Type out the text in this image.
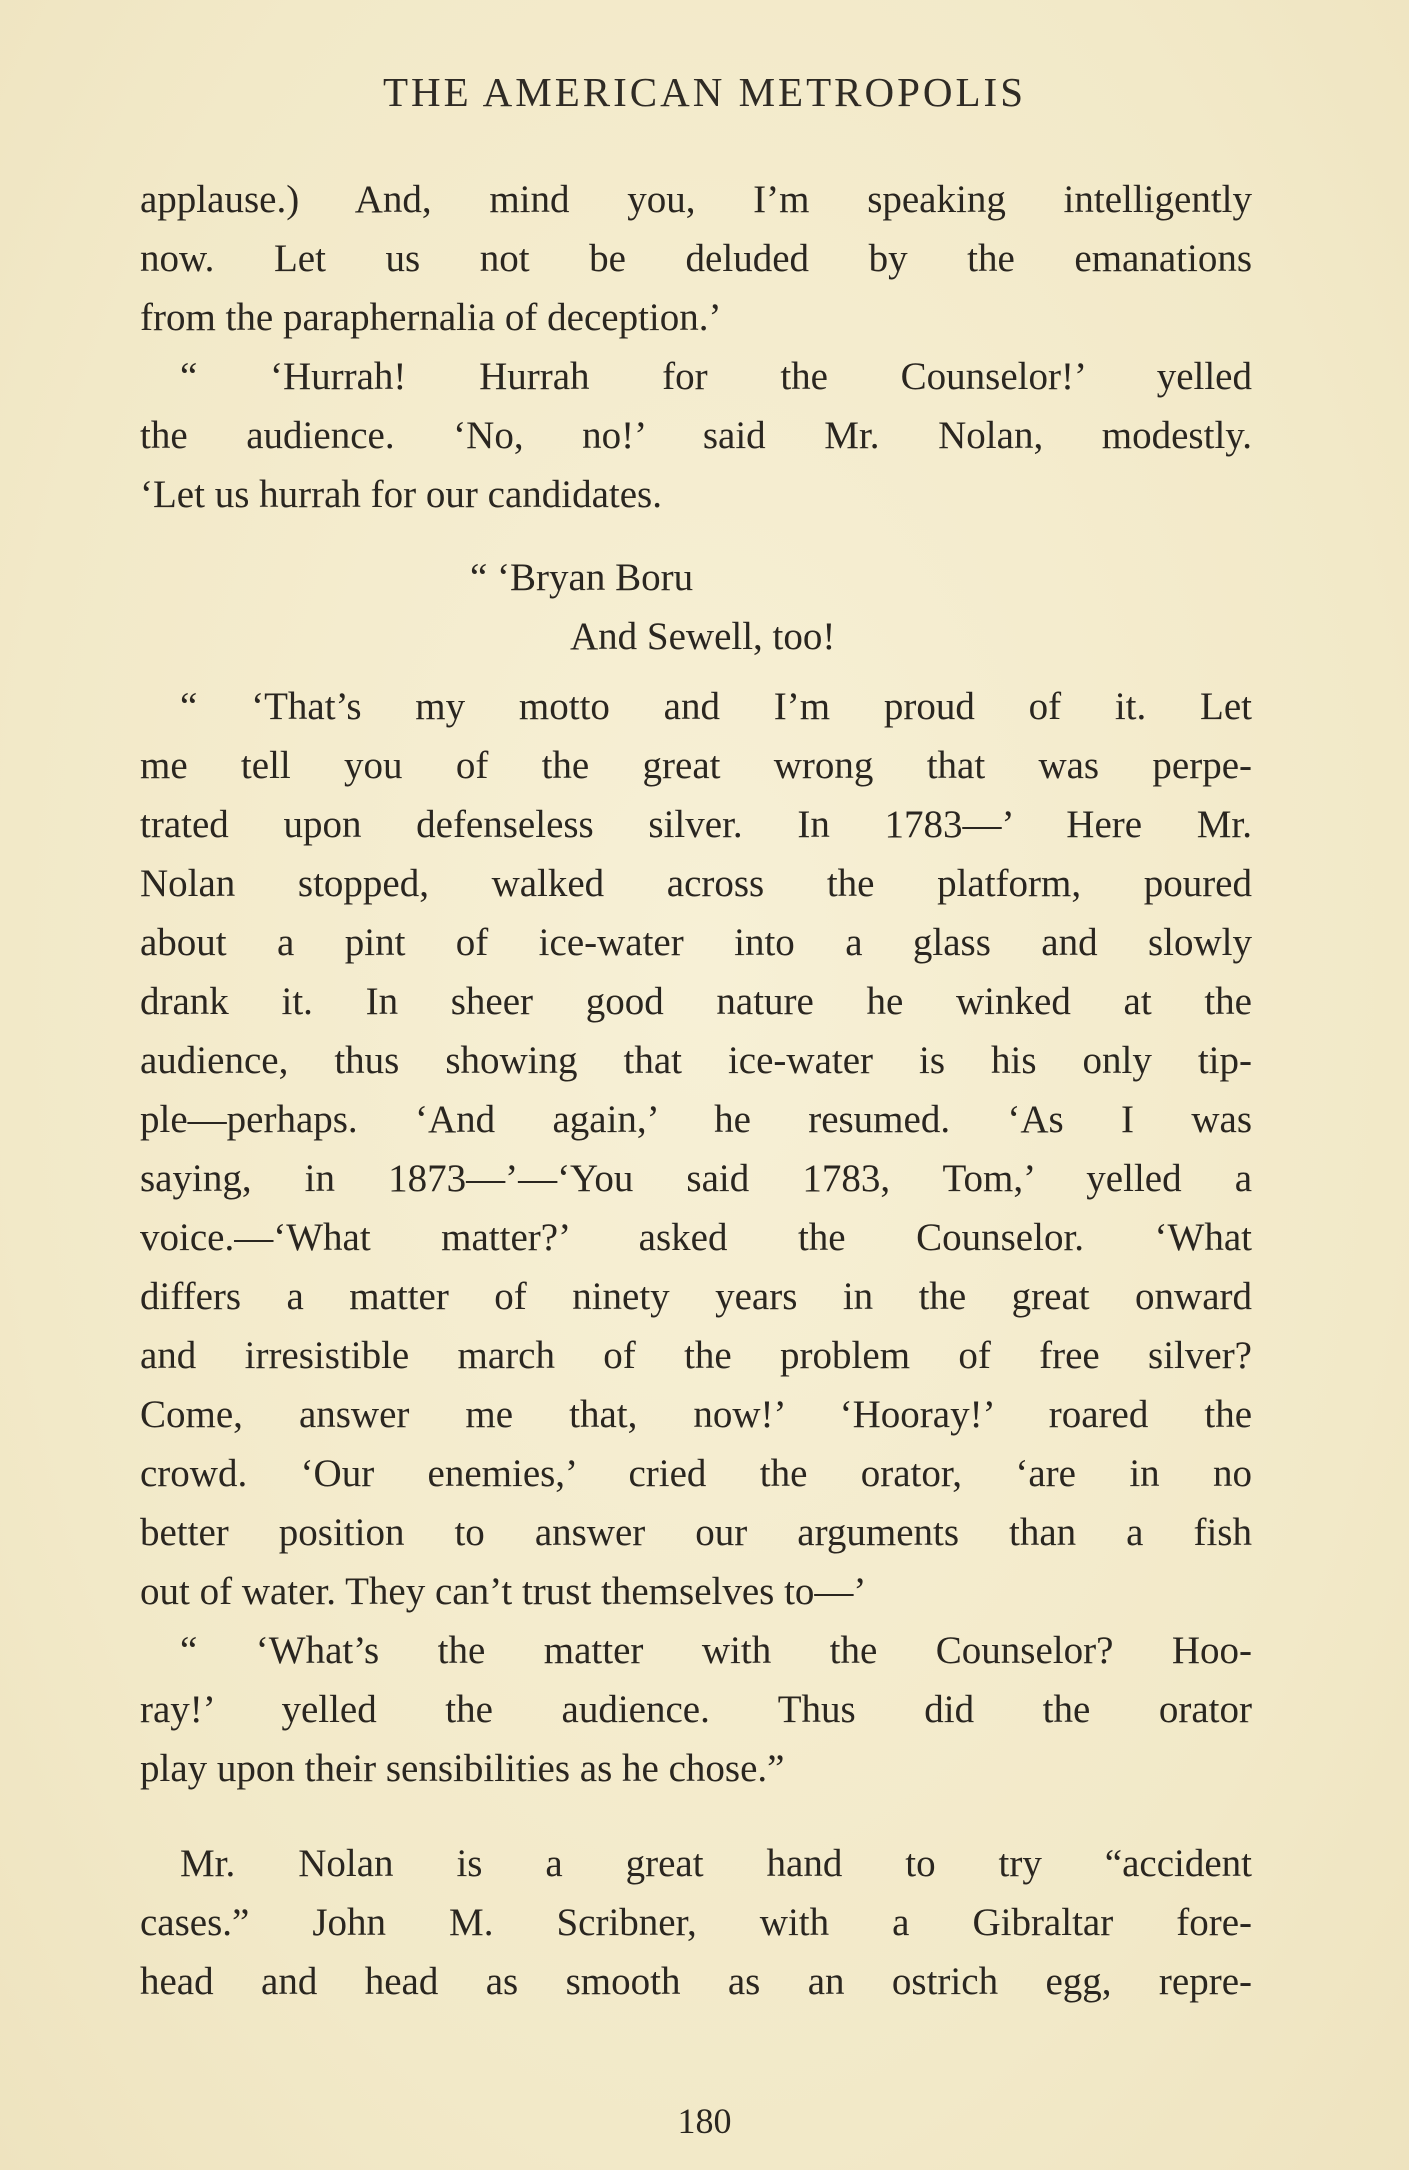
THE AMERICAN METROPOLIS
applause.) And, mind you, I’m speaking intelligently
now. Let us not be deluded by the emanations
from the paraphernalia of deception.’
“ ‘Hurrah! Hurrah for the Counselor!’ yelled
the audience. ‘No, no!’ said Mr. Nolan, modestly.
‘Let us hurrah for our candidates.
“ ‘Bryan Boru
And Sewell, too!
“ ‘That’s my motto and I’m proud of it. Let
me tell you of the great wrong that was perpe-
trated upon defenseless silver. In 1783—’ Here Mr.
Nolan stopped, walked across the platform, poured
about a pint of ice-water into a glass and slowly
drank it. In sheer good nature he winked at the
audience, thus showing that ice-water is his only tip-
ple—perhaps. ‘And again,’ he resumed. ‘As I was
saying, in 1873—’—‘You said 1783, Tom,’ yelled a
voice.—‘What matter?’ asked the Counselor. ‘What
differs a matter of ninety years in the great onward
and irresistible march of the problem of free silver?
Come, answer me that, now!’ ‘Hooray!’ roared the
crowd. ‘Our enemies,’ cried the orator, ‘are in no
better position to answer our arguments than a fish
out of water. They can’t trust themselves to—’
“ ‘What’s the matter with the Counselor? Hoo-
ray!’ yelled the audience. Thus did the orator
play upon their sensibilities as he chose.”
Mr. Nolan is a great hand to try “accident
cases.” John M. Scribner, with a Gibraltar fore-
head and head as smooth as an ostrich egg, repre-
180
